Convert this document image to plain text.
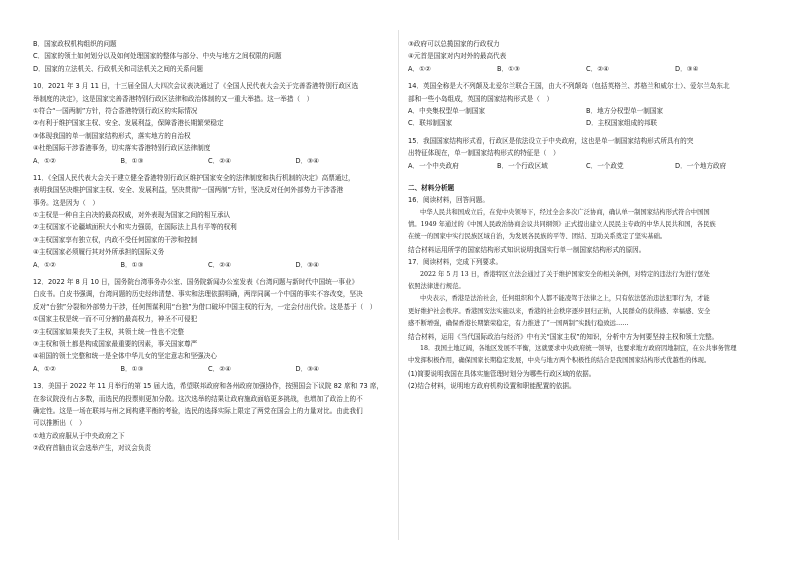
B．国家政权机构组织的问题
C．国家的领土如何划分以及如何处理国家的整体与部分、中央与地方之间权限的问题
D．国家的立法机关、行政机关和司法机关之间的关系问题
10．2021 年 3 月 11 日，十三届全国人大四次会议表决通过了《全国人民代表大会关于完善香港特别行政区选
举制度的决定》，这是国家完善香港特别行政区法律和政治体制的又一重大举措。这一举措（　）
①符合“一国两制”方针，符合香港特别行政区的实际情况
②有利于维护国家主权、安全、发展利益，保障香港长期繁荣稳定
③体现我国的单一制国家结构形式，落实地方的自治权
④杜绝国际干涉香港事务，切实落实香港特别行政区法律制度
A．①②	B．①③	C．②④	D．③④
11．《全国人民代表大会关于建立健全香港特别行政区维护国家安全的法律制度和执行机制的决定》高票通过，
表明我国坚决维护国家主权、安全、发展利益，坚决贯彻“一国两制”方针，坚决反对任何外部势力干涉香港
事务。这是因为（　）
①主权是一种自主自决的最高权威，对外表现为国家之间的相互承认
②主权国家不论疆域面积大小和实力强弱，在国际法上具有平等的权利
③主权国家享有独立权，内政不受任何国家的干涉和控制
④主权国家必须履行其对外所承担的国际义务
A．①②	B．①③	C．②④	D．③④
12．2022 年 8 月 10 日，国务院台湾事务办公室、国务院新闻办公室发表《台湾问题与新时代中国统一事业》
白皮书。白皮书强调，台湾问题的历史经纬清楚、事实和法理依据明确，两岸同属一个中国的事实不容改变，坚决
反对“台独”分裂和外部势力干涉，任何图谋利用“台独”为借口破坏中国主权的行为，一定会付出代价。这是基于（　）
①国家主权是统一而不可分割的最高权力，神圣不可侵犯
②主权国家如果丧失了主权，其领土统一性也不完整
③主权和领土都是构成国家最重要的因素，事关国家尊严
④祖国的领土完整和统一是全体中华儿女的坚定意志和坚强决心
A．①②	B．①③	C．②④	D．③④
13．美国于 2022 年 11 月举行的第 15 届大选，希望联邦政府和各州政府加强协作，按照国会下议院 82 席和 73 席，
在参议院没有占多数，而选民的投票则更加分散。这次选举的结果让政府施政面临更多挑战，也增加了政治上的不
确定性。这是一场在联邦与州之间构建平衡的考验，选民的选择实际上限定了两党在国会上的力量对比。由此我们
可以推断出（　）
①地方政府服从于中央政府之下
②政府首脑由议会选举产生，对议会负责
③政府可以总揽国家的行政权力
④元首是国家对内对外的最高代表
A．①②	B．①③	C．②④	D．③④
14．英国全称是大不列颠及北爱尔兰联合王国，由大不列颠岛（包括英格兰、苏格兰和威尔士）、爱尔兰岛东北
部和一些小岛组成，英国的国家结构形式是（　）
A．中央集权型单一制国家	B．地方分权型单一制国家
C．联邦制国家	D．主权国家组成的邦联
15．我国国家结构形式看，行政区是依法设立于中央政府，这也是单一制国家结构形式所具有的突
出特征体现在，单一制国家结构形式的特征是（　）
A．一个中央政府	B．一个行政区域	C．一个政党	D．一个地方政府
二、材料分析题
16．阅读材料，回答问题。
中华人民共和国成立后，在党中央领导下，经过全会多次广泛协商，确认单一制国家结构形式符合中国国
情。1949 年通过的《中国人民政治协商会议共同纲领》正式提出建立人民民主专政的中华人民共和国，各民族
在统一的国家中实行民族区域自治，为发展各民族的平等、团结、互助关系奠定了坚实基础。
结合材料运用所学的国家结构形式知识说明我国实行单一制国家结构形式的原因。
17．阅读材料，完成下列要求。
2022 年 5 月 13 日，香港特区立法会通过了关于维护国家安全的相关条例，对特定的违法行为进行惩处
依照法律进行规范。
中央表示，香港是法治社会，任何组织和个人都不能凌驾于法律之上，只有依法惩治违法犯罪行为，才能
更好维护社会秩序。香港国安法实施以来，香港的社会秩序逐步回归正轨，人民群众的获得感、幸福感、安全
感不断增强，确保香港长期繁荣稳定，有力推进了“一国两制”实践行稳致远……
结合材料，运用《当代国际政治与经济》中有关“国家主权”的知识，分析中方为何要坚持主权和领土完整。
18．我国土地辽阔，各地区发展不平衡，这就要求中央政府统一领导，也要求地方政府因地制宜，在公共事务管理
中发挥积极作用，确保国家长期稳定发展，中央与地方两个积极性的结合是我国国家结构形式优越性的体现。
(1)简要说明我国在具体实施管理时划分为哪些行政区域的依据。
(2)结合材料，说明地方政府机构设置和职能配置的依据。
